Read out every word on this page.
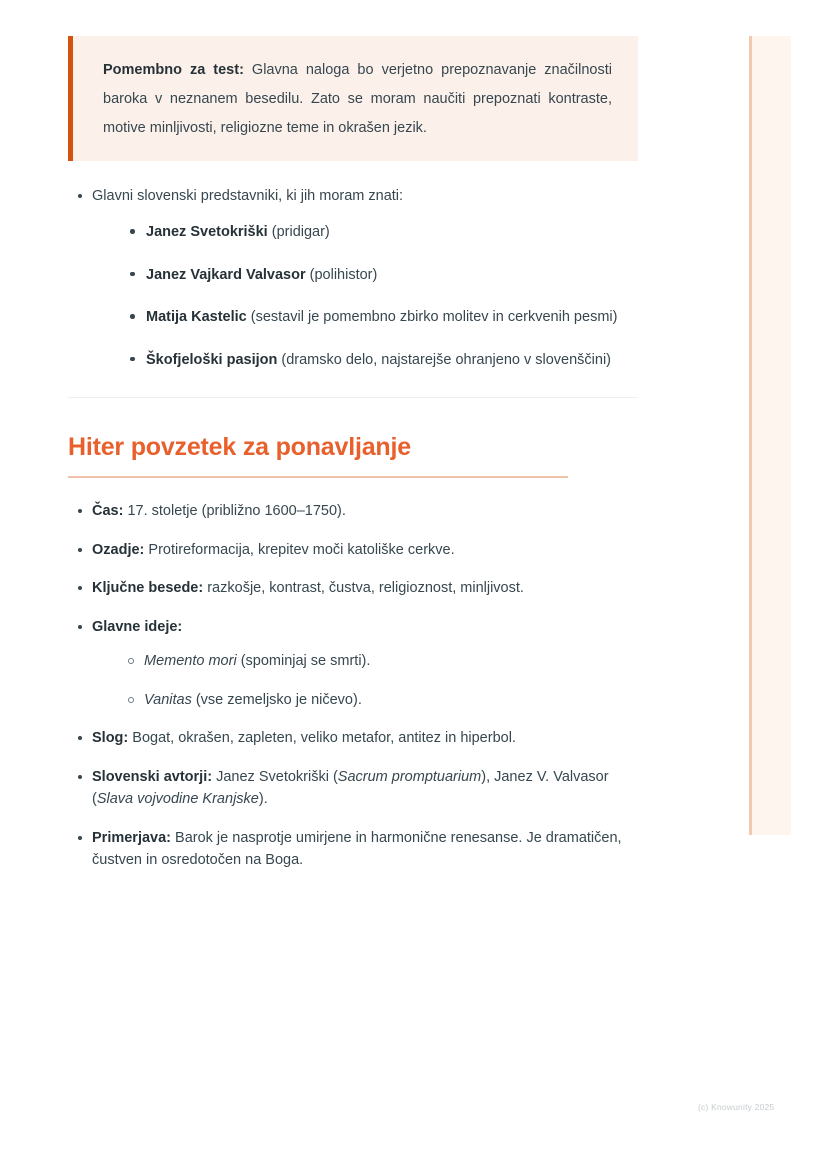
Pomembno za test: Glavna naloga bo verjetno prepoznavanje značilnosti baroka v neznanem besedilu. Zato se moram naučiti prepoznati kontraste, motive minljivosti, religiozne teme in okrašen jezik.

Glavni slovenski predstavniki, ki jih moram znati:
Janez Svetokriški (pridigar)
Janez Vajkard Valvasor (polihistor)
Matija Kastelic (sestavil je pomembno zbirko molitev in cerkvenih pesmi)
Škofjeloški pasijon (dramsko delo, najstarejše ohranjeno v slovenščini)
Hiter povzetek za ponavljanje
Čas: 17. stoletje (približno 1600–1750).
Ozadje: Protireformacija, krepitev moči katoliške cerkve.
Ključne besede: razkošje, kontrast, čustva, religioznost, minljivost.
Glavne ideje:
Memento mori (spominjaj se smrti).
Vanitas (vse zemeljsko je ničevo).
Slog: Bogat, okrašen, zapleten, veliko metafor, antitez in hiperbol.
Slovenski avtorji: Janez Svetokriški (Sacrum promptuarium), Janez V. Valvasor (Slava vojvodine Kranjske).
Primerjava: Barok je nasprotje umirjene in harmonične renesanse. Je dramatičen, čustven in osredotočen na Boga.
(c) Knowunity 2025
